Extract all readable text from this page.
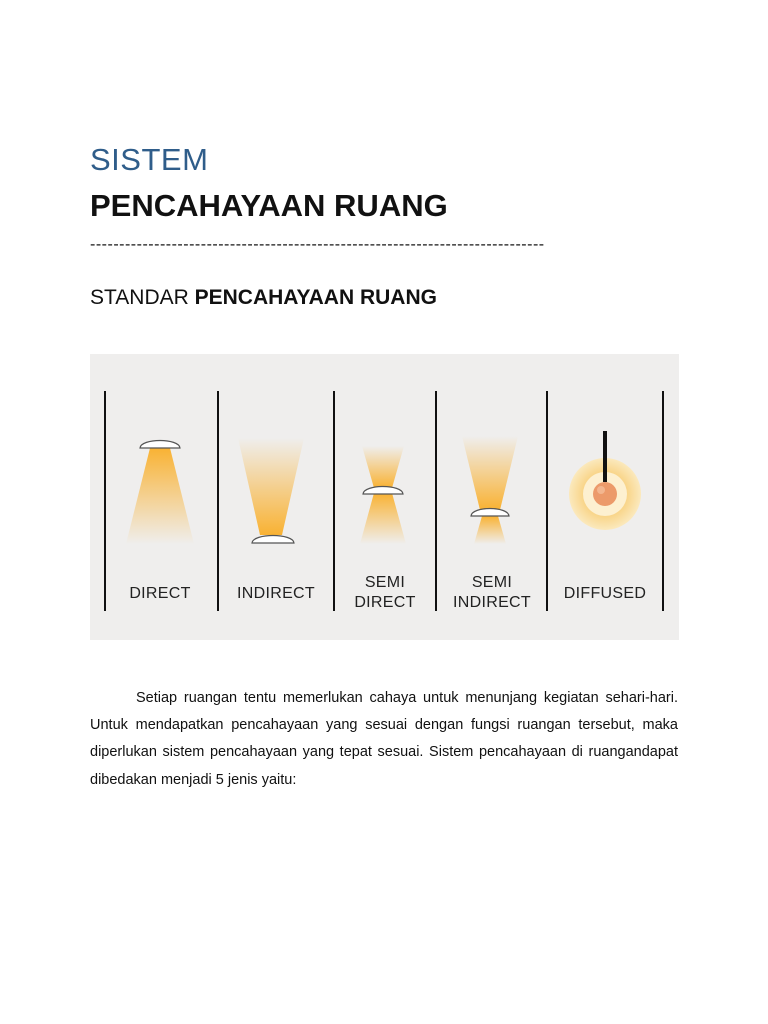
SISTEM
PENCAHAYAAN RUANG
------------------------------------------------------------------------------
STANDAR PENCAHAYAAN RUANG
DIRECT	INDIRECT
SEMI
DIRECT
SEMI
INDIRECT
DIFFUSED

Setiap ruangan tentu memerlukan cahaya untuk menunjang kegiatan sehari-hari. Untuk mendapatkan pencahayaan yang sesuai dengan fungsi ruangan tersebut, maka diperlukan sistem pencahayaan yang tepat sesuai. Sistem pencahayaan di ruangandapat dibedakan menjadi 5 jenis yaitu:
